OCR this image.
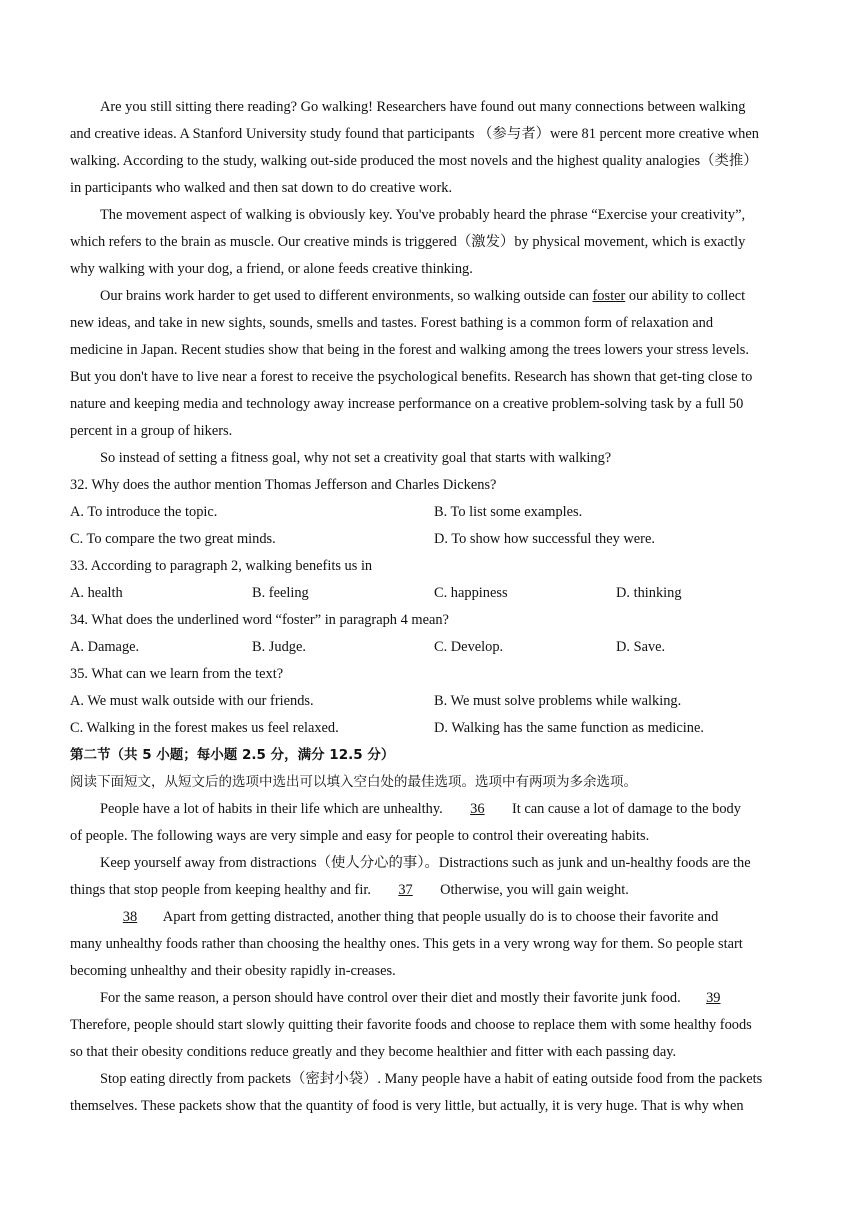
Are you still sitting there reading? Go walking! Researchers have found out many connections between walking
and creative ideas. A Stanford University study found that participants （参与者）were 81 percent more creative when
walking. According to the study, walking out-side produced the most novels and the highest quality analogies（类推）
in participants who walked and then sat down to do creative work.
The movement aspect of walking is obviously key. You've probably heard the phrase “Exercise your creativity”,
which refers to the brain as muscle. Our creative minds is triggered（激发）by physical movement, which is exactly
why walking with your dog, a friend, or alone feeds creative thinking.
Our brains work harder to get used to different environments, so walking outside can foster our ability to collect
new ideas, and take in new sights, sounds, smells and tastes. Forest bathing is a common form of relaxation and
medicine in Japan. Recent studies show that being in the forest and walking among the trees lowers your stress levels.
But you don't have to live near a forest to receive the psychological benefits. Research has shown that get-ting close to
nature and keeping media and technology away increase performance on a creative problem-solving task by a full 50
percent in a group of hikers.
So instead of setting a fitness goal, why not set a creativity goal that starts with walking?
32. Why does the author mention Thomas Jefferson and Charles Dickens?
A. To introduce the topic.	B. To list some examples.
C. To compare the two great minds.	D. To show how successful they were.
33. According to paragraph 2, walking benefits us in
A. health	B. feeling	C. happiness	D. thinking
34. What does the underlined word “foster” in paragraph 4 mean?
A. Damage.	B. Judge.	C. Develop.	D. Save.
35. What can we learn from the text?
A. We must walk outside with our friends.	B. We must solve problems while walking.
C. Walking in the forest makes us feel relaxed.	D. Walking has the same function as medicine.
第二节（共 5 小题；每小题 2.5 分，满分 12.5 分）
阅读下面短文，从短文后的选项中选出可以填入空白处的最佳选项。选项中有两项为多余选项。
People have a lot of habits in their life which are unhealthy. 36 It can cause a lot of damage to the body
of people. The following ways are very simple and easy for people to control their overeating habits.
Keep yourself away from distractions（使人分心的事）。Distractions such as junk and un-healthy foods are the
things that stop people from keeping healthy and fir. 37 Otherwise, you will gain weight.
38 Apart from getting distracted, another thing that people usually do is to choose their favorite and
many unhealthy foods rather than choosing the healthy ones. This gets in a very wrong way for them. So people start
becoming unhealthy and their obesity rapidly in-creases.
For the same reason, a person should have control over their diet and mostly their favorite junk food. 39
Therefore, people should start slowly quitting their favorite foods and choose to replace them with some healthy foods
so that their obesity conditions reduce greatly and they become healthier and fitter with each passing day.
Stop eating directly from packets（密封小袋）. Many people have a habit of eating outside food from the packets
themselves. These packets show that the quantity of food is very little, but actually, it is very huge. That is why when
